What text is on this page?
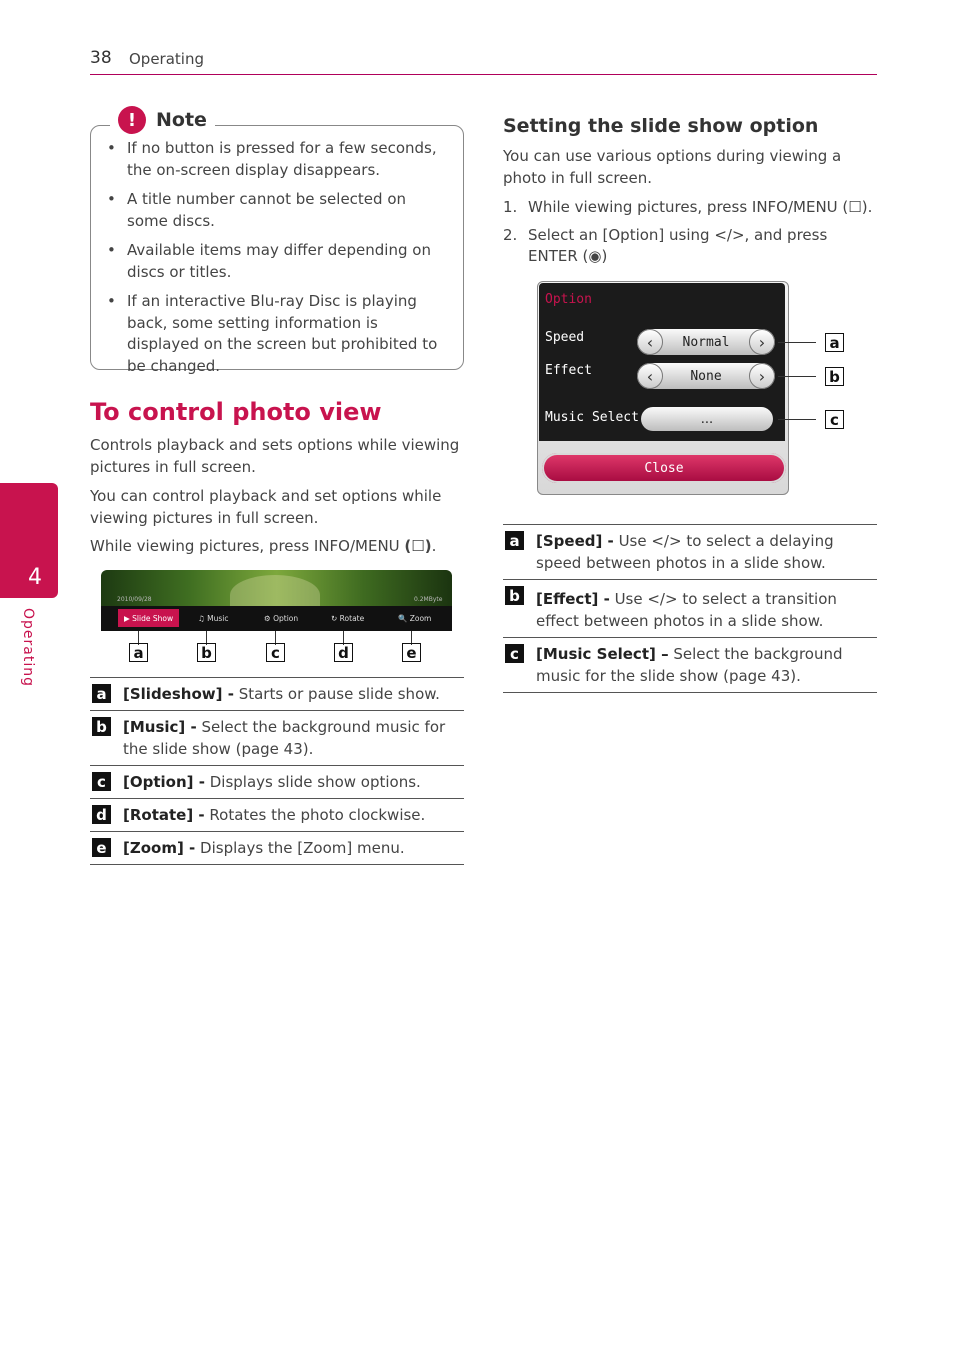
38 Operating
4
Operating
!	Note
• If no button is pressed for a few seconds, the on-screen display disappears.
• A title number cannot be selected on some discs.
• Available items may differ depending on discs or titles.
• If an interactive Blu-ray Disc is playing back, some setting information is displayed on the screen but prohibited to be changed.
To control photo view
Controls playback and sets options while viewing pictures in full screen.
You can control playback and set options while viewing pictures in full screen.
While viewing pictures, press INFO/MENU (☐).
2010/09/28	0.2MByte
▶ Slide Show	♫ Music	⚙ Option	↻ Rotate	🔍 Zoom
a	b	c	d	e
a [Slideshow] - Starts or pause slide show.
b [Music] - Select the background music for the slide show (page 43).
c	[Option] - Displays slide show options.
d [Rotate] - Rotates the photo clockwise.
e [Zoom] - Displays the [Zoom] menu.
Setting the slide show option
You can use various options during viewing a photo in full screen.
1. While viewing pictures, press INFO/MENU (☐).
2. Select an [Option] using </>, and press ENTER (◉)
Option
Speed	‹	Normal	›
Effect	‹	None	›
Music Select	...
Close
a
b
c
a [Speed] - Use </> to select a delaying speed between photos in a slide show.
b [Effect] - Use </> to select a transition effect between photos in a slide show.
c	[Music Select] – Select the background music for the slide show (page 43).
